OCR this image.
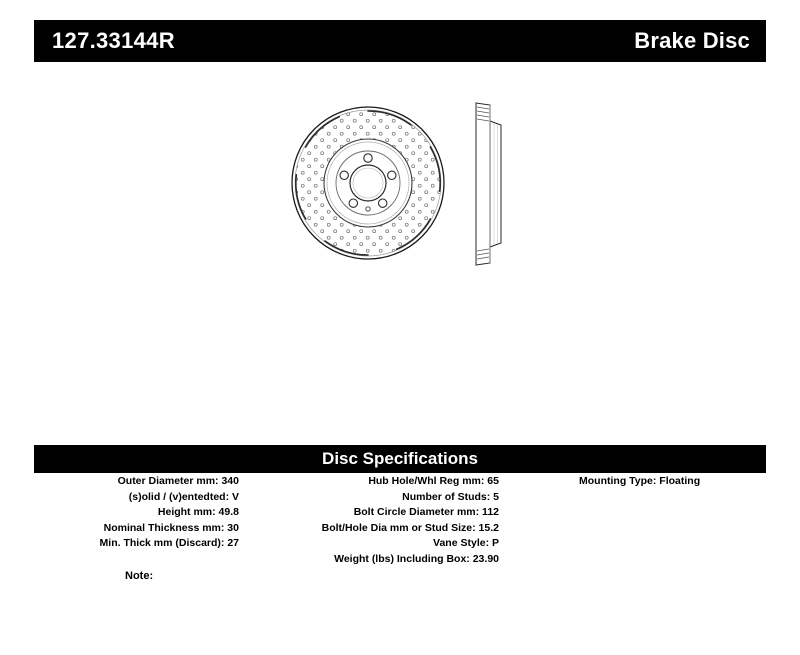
127.33144R	Brake Disc
Disc Specifications
Outer Diameter mm: 340
(s)olid / (v)entedted: V
Height mm: 49.8
Nominal Thickness mm: 30
Min. Thick mm (Discard): 27
Hub Hole/Whl Reg mm: 65
Number of Studs: 5
Bolt Circle Diameter mm: 112
Bolt/Hole Dia mm or Stud Size: 15.2
Vane Style: P
Weight (lbs) Including Box: 23.90
Mounting Type: Floating
Note:
